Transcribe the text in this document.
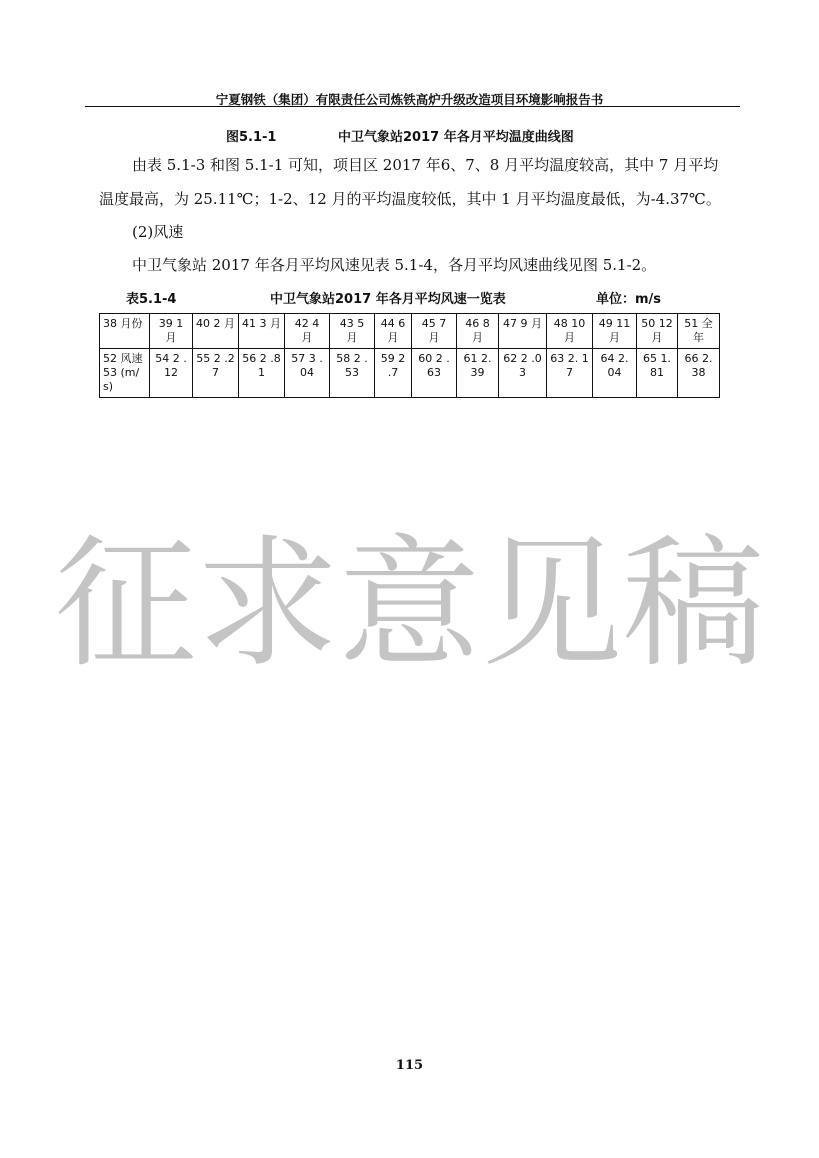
宁夏钢铁（集团）有限责任公司炼铁高炉升级改造项目环境影响报告书
图5.1-1	中卫气象站2017 年各月平均温度曲线图
由表 5.1-3 和图 5.1-1 可知，项目区 2017 年6、7、8 月平均温度较高，其中 7 月平均
温度最高，为 25.11℃；1-2、12 月的平均温度较低，其中 1 月平均温度最低，为-4.37℃。
(2)风速
中卫气象站 2017 年各月平均风速见表 5.1-4，各月平均风速曲线见图 5.1-2。
表5.1-4	中卫气象站2017 年各月平均风速一览表	单位：m/s
38 月份	39 1 月	40 2 月	41 3 月	42 4 月	43 5 月	44 6 月	45 7 月	46 8 月	47 9 月	48 10 月	49 11 月	50 12 月	51 全年
52 风速 53 (m/s)	54 2 .12	55 2 .27	56 2 .81	57 3 .04	58 2 .53	59 2 .7	60 2 .63	61 2. 39	62 2 .03	63 2. 17	64 2. 04	65 1. 81	66 2. 38
征求意见稿
115
